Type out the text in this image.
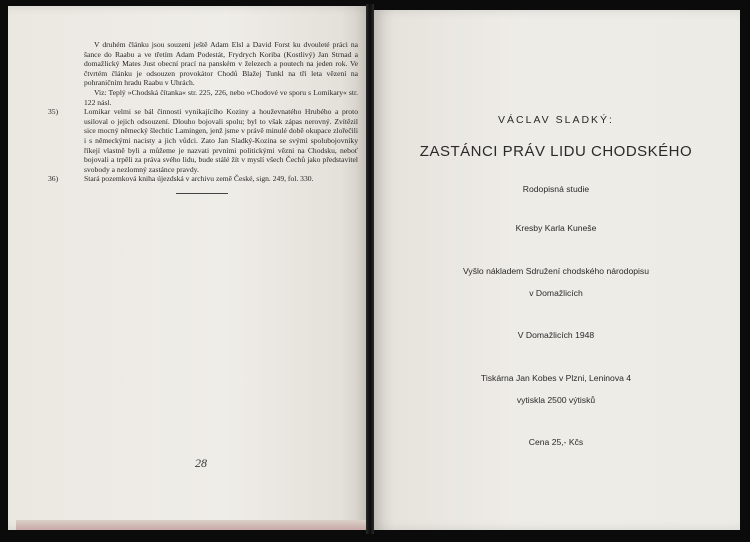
V druhém článku jsou souzeni ještě Adam Elsl a David Forst ku dvouleté práci na šance do Raabu a ve třetím Adam Podestát, Frydrych Koriba (Kostlivý) Jan Strnad a domažlický Mates Just obecní prací na panském v železech a poutech na jeden rok. Ve čtvrtém článku je odsouzen provokátor Chodů Blažej Tunkl na tři leta vězení na pohraničním hradu Raabu v Uhrách.

Viz: Teplý »Chodská čítanka« str. 225, 226, nebo »Chodové ve sporu s Lomikary« str. 122 násl.

35)	Lomikar velmi se bál činnosti vynikajícího Koziny a houževnatého Hrubého a proto usiloval o jejich odsouzení. Dlouho bojovali spolu; byl to však zápas nerovný. Zvítězil sice mocný německý šlechtic Lamingen, jenž jsme v právě minulé době okupace zlořečili i s německými nacisty a jich vůdci. Zato Jan Sladký-Kozina se svými spolubojovníky říkejí vlastně byli a můžeme je nazvati prvními politickými vězni na Chodsku, neboť bojovali a trpěli za práva svého lidu, bude stálé žít v myslí všech Čechů jako představitel svobody a nezlomný zastánce pravdy.
36)	Stará pozemková kniha újezdská v archivu země České, sign. 249, fol. 330.
28

VÁCLAV SLADKÝ:

ZASTÁNCI PRÁV LIDU CHODSKÉHO

Rodopisná studie

Kresby Karla Kuneše

Vyšlo nákladem Sdružení chodského národopisu

v Domažlicích

V Domažlicích 1948

Tiskárna Jan Kobes v Plzni, Leninova 4

vytiskla 2500 výtisků

Cena 25,- Kčs
